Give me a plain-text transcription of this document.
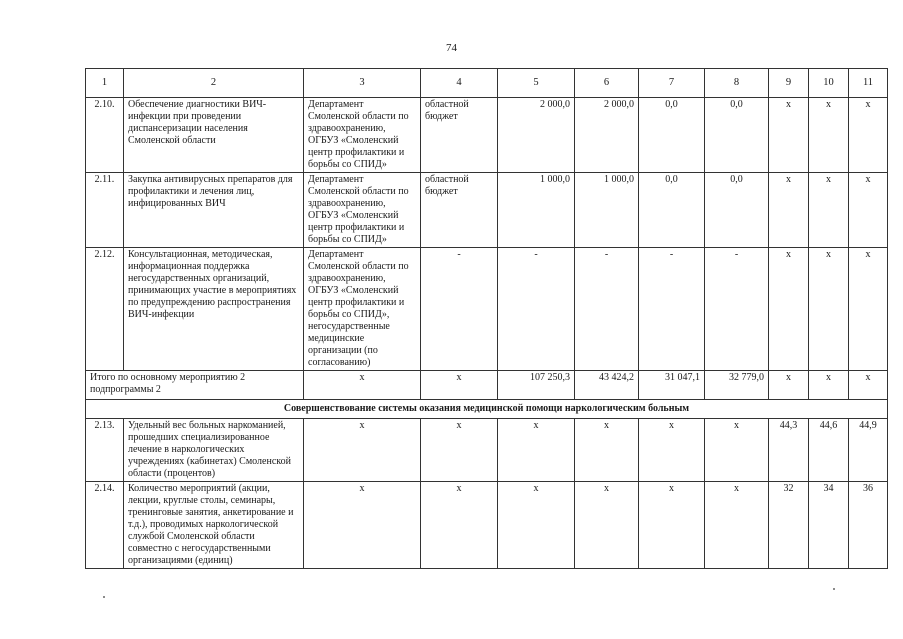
74
1	2	3	4	5	6	7	8	9	10	11
2.10.	Обеспечение диагностики ВИЧ-инфекции при проведении диспансеризации населения Смоленской области	Департамент Смоленской области по здравоохранению, ОГБУЗ «Смоленский центр профилактики и борьбы со СПИД»	областной бюджет	2 000,0	2 000,0	0,0	0,0	х	х	х
2.11.	Закупка антивирусных препаратов для профилактики и лечения лиц, инфицированных ВИЧ	Департамент Смоленской области по здравоохранению, ОГБУЗ «Смоленский центр профилактики и борьбы со СПИД»	областной бюджет	1 000,0	1 000,0	0,0	0,0	х	х	х
2.12.	Консультационная, методическая, информационная поддержка негосударственных организаций, принимающих участие в мероприятиях по предупреждению распространения ВИЧ-инфекции	Департамент Смоленской области по здравоохранению, ОГБУЗ «Смоленский центр профилактики и борьбы со СПИД», негосударственные медицинские организации (по согласованию)	-	-	-	-	-	х	х	х
Итого по основному мероприятию 2 подпрограммы 2		х	х	107 250,3	43 424,2	31 047,1	32 779,0	х	х	х
Совершенствование системы оказания медицинской помощи наркологическим больным										
2.13.	Удельный вес больных наркоманией, прошедших специализированное лечение в наркологических учреждениях (кабинетах) Смоленской области (процентов)	х	х	х	х	х	х	44,3	44,6	44,9
2.14.	Количество мероприятий (акции, лекции, круглые столы, семинары, тренинговые занятия, анкетирование и т.д.), проводимых наркологической службой Смоленской области совместно с негосударственными организациями (единиц)	х	х	х	х	х	х	32	34	36
